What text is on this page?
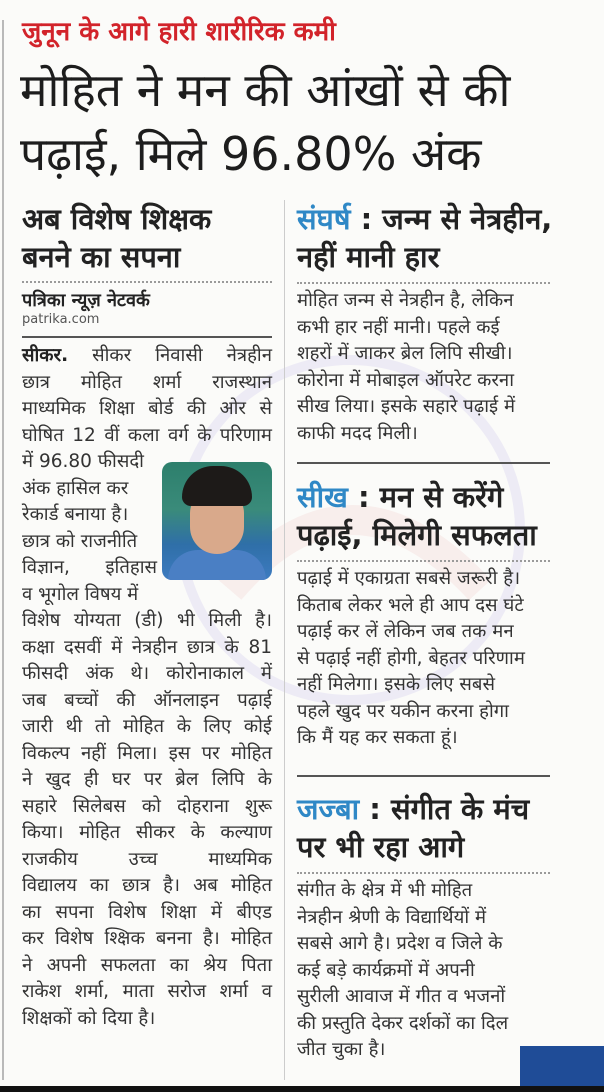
जुनून के आगे हारी शारीरिक कमी
मोहित ने मन की आंखों से की
पढ़ाई, मिले 96.80% अंक
अब विशेष शिक्षक
बनने का सपना
पत्रिका न्यूज़ नेटवर्क
patrika.com
सीकर. सीकर निवासी नेत्रहीन
छात्र मोहित शर्मा राजस्थान
माध्यमिक शिक्षा बोर्ड की ओर से
घोषित 12 वीं कला वर्ग के परिणाम
में 96.80 फीसदी
अंक हासिल कर
रेकार्ड बनाया है।
छात्र को राजनीति
विज्ञान, इतिहास
व भूगोल विषय में
विशेष योग्यता (डी) भी मिली है।
कक्षा दसवीं में नेत्रहीन छात्र के 81
फीसदी अंक थे। कोरोनाकाल में
जब बच्चों की ऑनलाइन पढ़ाई
जारी थी तो मोहित के लिए कोई
विकल्प नहीं मिला। इस पर मोहित
ने खुद ही घर पर ब्रेल लिपि के
सहारे सिलेबस को दोहराना शुरू
किया। मोहित सीकर के कल्याण
राजकीय उच्च माध्यमिक
विद्यालय का छात्र है। अब मोहित
का सपना विशेष शिक्षा में बीएड
कर विशेष श्क्षिक बनना है। मोहित
ने अपनी सफलता का श्रेय पिता
राकेश शर्मा, माता सरोज शर्मा व
शिक्षकों को दिया है।
संघर्ष : जन्म से नेत्रहीन,
नहीं मानी हार
मोहित जन्म से नेत्रहीन है, लेकिन
कभी हार नहीं मानी। पहले कई
शहरों में जाकर ब्रेल लिपि सीखी।
कोरोना में मोबाइल ऑपरेट करना
सीख लिया। इसके सहारे पढ़ाई में
काफी मदद मिली।
सीख : मन से करेंगे
पढ़ाई, मिलेगी सफलता
पढ़ाई में एकाग्रता सबसे जरूरी है।
किताब लेकर भले ही आप दस घंटे
पढ़ाई कर लें लेकिन जब तक मन
से पढ़ाई नहीं होगी, बेहतर परिणाम
नहीं मिलेगा। इसके लिए सबसे
पहले खुद पर यकीन करना होगा
कि मैं यह कर सकता हूं।
जज्बा : संगीत के मंच
पर भी रहा आगे
संगीत के क्षेत्र में भी मोहित
नेत्रहीन श्रेणी के विद्यार्थियों में
सबसे आगे है। प्रदेश व जिले के
कई बड़े कार्यक्रमों में अपनी
सुरीली आवाज में गीत व भजनों
की प्रस्तुति देकर दर्शकों का दिल
जीत चुका है।
